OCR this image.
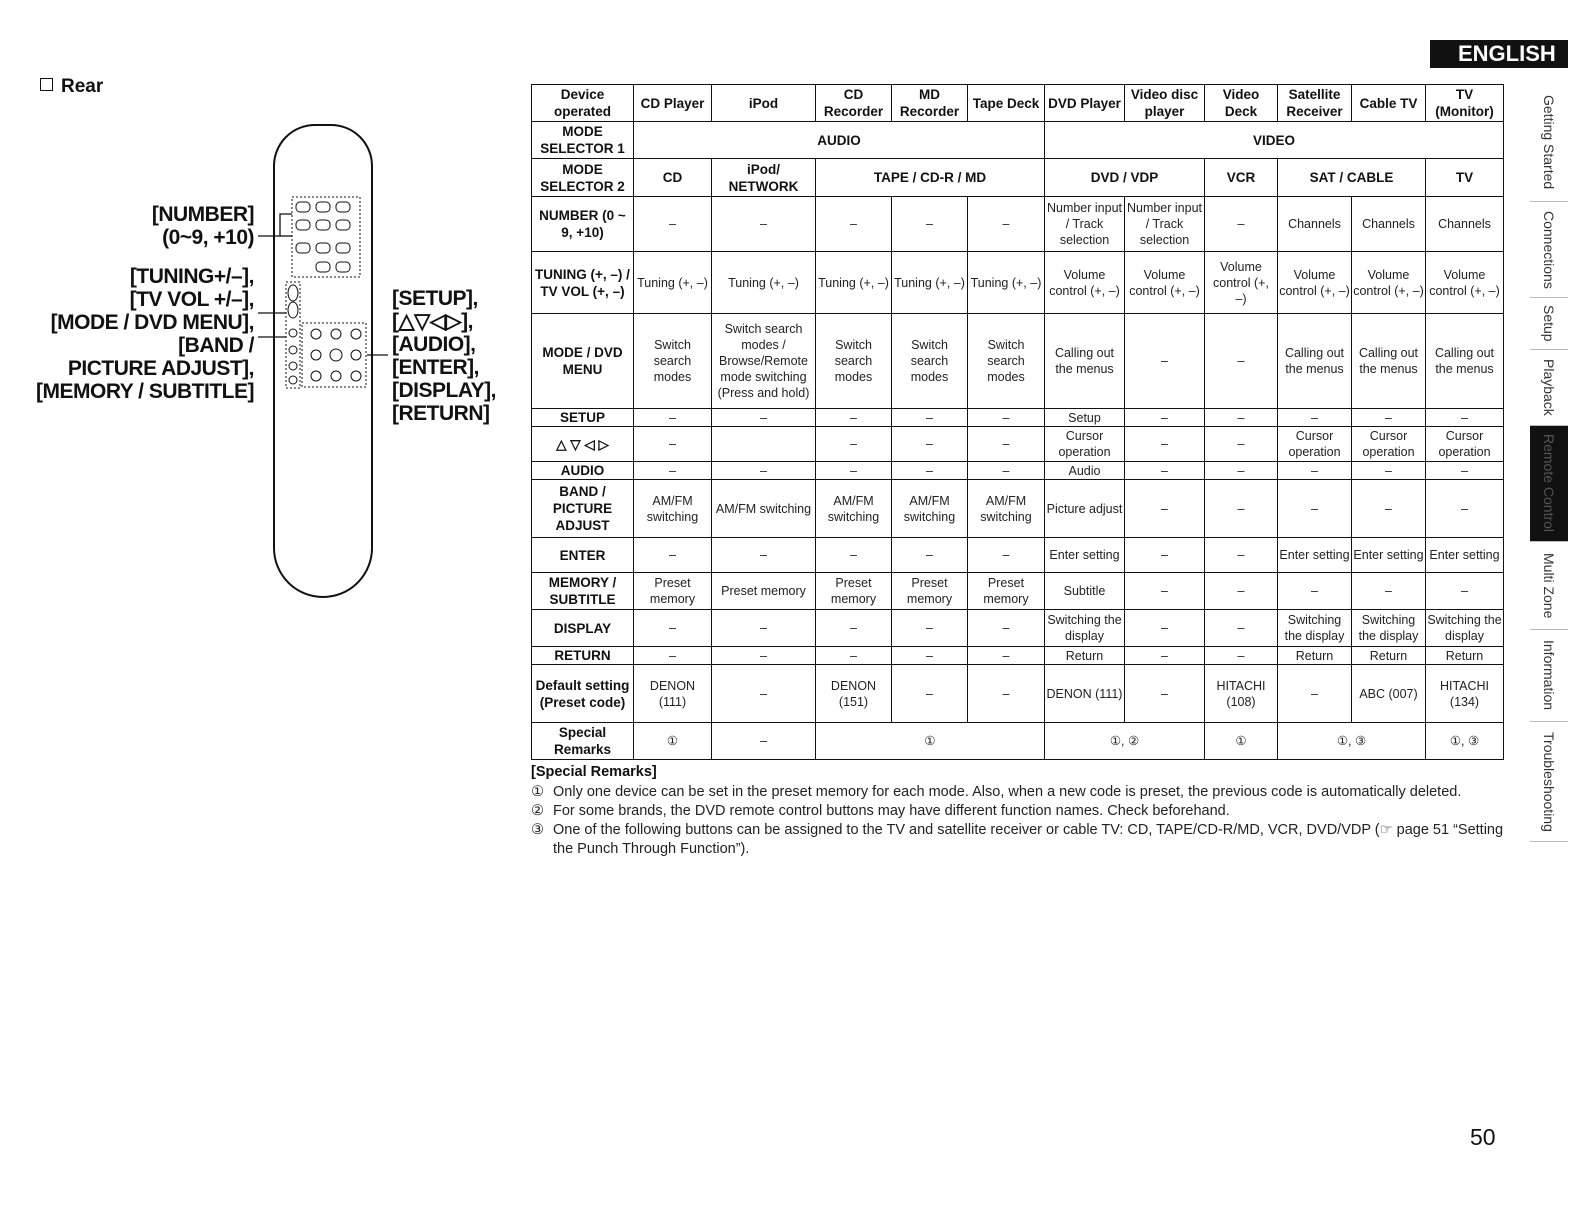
ENGLISH
Rear
[NUMBER]
(0~9, +10)
[TUNING+/–],
[TV VOL +/–],
[MODE / DVD MENU],
[BAND /
PICTURE ADJUST],
[MEMORY / SUBTITLE]
[SETUP],
[△▽◁▷],
[AUDIO],
[ENTER],
[DISPLAY],
[RETURN]
Device operated	CD Player	iPod	CD Recorder	MD Recorder	Tape Deck	DVD Player	Video disc player	Video Deck	Satellite Receiver	Cable TV	TV (Monitor)
MODE SELECTOR 1	AUDIO					VIDEO					
MODE SELECTOR 2	CD	iPod/ NETWORK	TAPE / CD-R / MD			DVD / VDP		VCR	SAT / CABLE		TV
NUMBER (0 ~ 9, +10)	–	–	–	–	–	Number input / Track selection	Number input / Track selection	–	Channels	Channels	Channels
TUNING (+, –) / TV VOL (+, –)	Tuning (+, –)	Tuning (+, –)	Tuning (+, –)	Tuning (+, –)	Tuning (+, –)	Volume control (+, –)	Volume control (+, –)	Volume control (+, –)	Volume control (+, –)	Volume control (+, –)	Volume control (+, –)
MODE / DVD MENU	Switch search modes	Switch search modes / Browse/Remote mode switching (Press and hold)	Switch search modes	Switch search modes	Switch search modes	Calling out the menus	–	–	Calling out the menus	Calling out the menus	Calling out the menus
SETUP	–	–	–	–	–	Setup	–	–	–	–	–
△ ▽ ◁ ▷	–		–	–	–	Cursor operation	–	–	Cursor operation	Cursor operation	Cursor operation
AUDIO	–	–	–	–	–	Audio	–	–	–	–	–
BAND / PICTURE ADJUST	AM/FM switching	AM/FM switching	AM/FM switching	AM/FM switching	AM/FM switching	Picture adjust	–	–	–	–	–
ENTER	–	–	–	–	–	Enter setting	–	–	Enter setting	Enter setting	Enter setting
MEMORY / SUBTITLE	Preset memory	Preset memory	Preset memory	Preset memory	Preset memory	Subtitle	–	–	–	–	–
DISPLAY	–	–	–	–	–	Switching the display	–	–	Switching the display	Switching the display	Switching the display
RETURN	–	–	–	–	–	Return	–	–	Return	Return	Return
Default setting (Preset code)	DENON (111)	–	DENON (151)	–	–	DENON (111)	–	HITACHI (108)	–	ABC (007)	HITACHI (134)
Special Remarks	①	–	①			①, ②		①	①, ③		①, ③
[Special Remarks]
① Only one device can be set in the preset memory for each mode. Also, when a new code is preset, the previous code is automatically deleted.
② For some brands, the DVD remote control buttons may have different function names. Check beforehand.
③ One of the following buttons can be assigned to the TV and satellite receiver or cable TV: CD, TAPE/CD-R/MD, VCR, DVD/VDP (☞ page 51 “Setting the Punch Through Function”).
Getting Started
Connections
Setup
Playback
Remote Control
Multi Zone
Information
Troubleshooting
50
